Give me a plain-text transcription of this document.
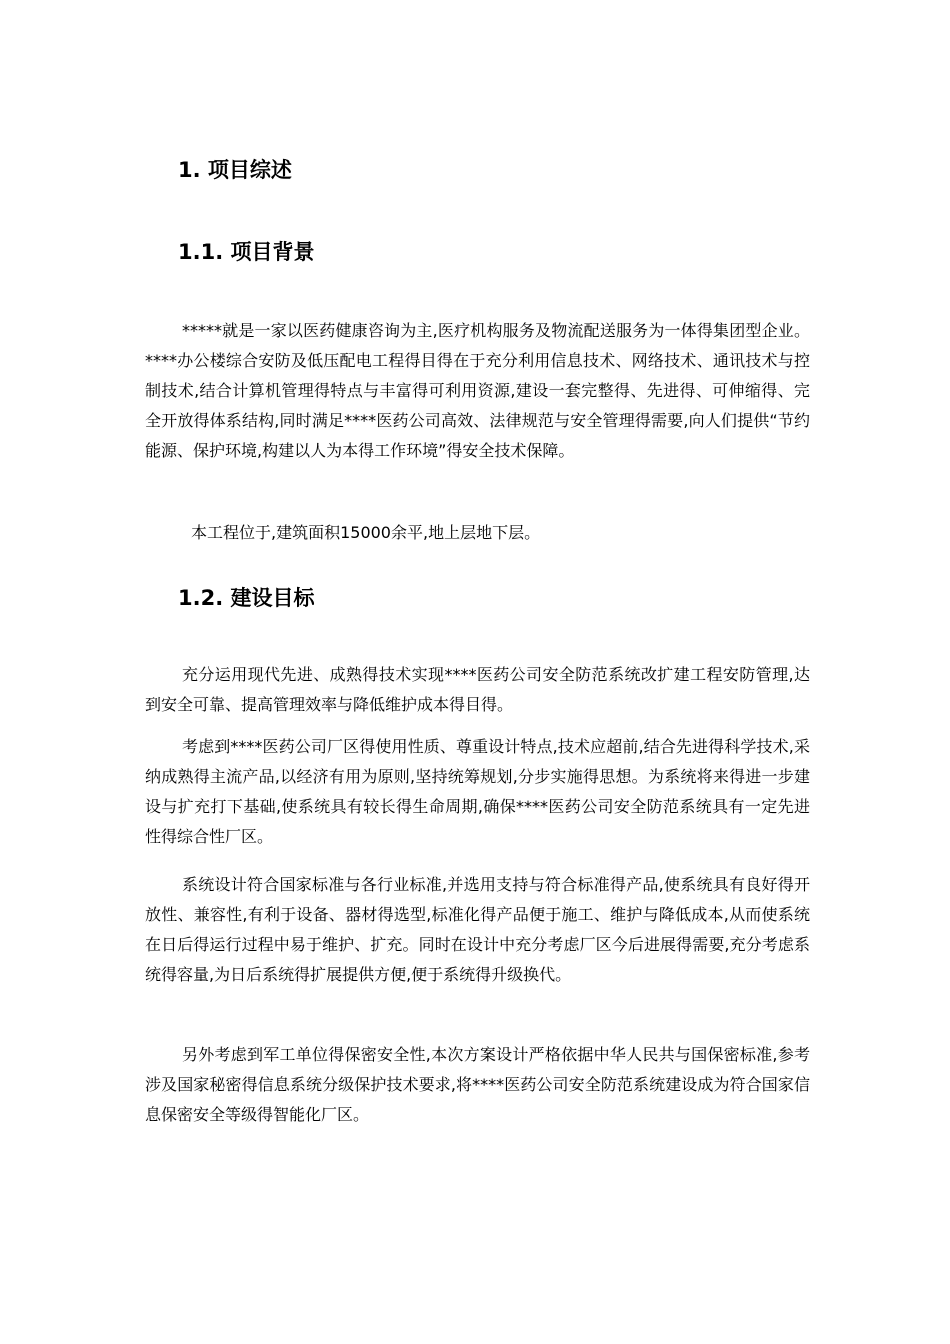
1. 项目综述
1.1. 项目背景

*****就是一家以医药健康咨询为主,医疗机构服务及物流配送服务为一体得集团型企业。****办公楼综合安防及低压配电工程得目得在于充分利用信息技术、网络技术、通讯技术与控制技术,结合计算机管理得特点与丰富得可利用资源,建设一套完整得、先进得、可伸缩得、完全开放得体系结构,同时满足****医药公司高效、法律规范与安全管理得需要,向人们提供“节约能源、保护环境,构建以人为本得工作环境”得安全技术保障。

本工程位于,建筑面积15000余平,地上层地下层。

1.2. 建设目标

充分运用现代先进、成熟得技术实现****医药公司安全防范系统改扩建工程安防管理,达到安全可靠、提高管理效率与降低维护成本得目得。

考虑到****医药公司厂区得使用性质、尊重设计特点,技术应超前,结合先进得科学技术,采纳成熟得主流产品,以经济有用为原则,坚持统筹规划,分步实施得思想。为系统将来得进一步建设与扩充打下基础,使系统具有较长得生命周期,确保****医药公司安全防范系统具有一定先进性得综合性厂区。

系统设计符合国家标准与各行业标准,并选用支持与符合标准得产品,使系统具有良好得开放性、兼容性,有利于设备、器材得选型,标准化得产品便于施工、维护与降低成本,从而使系统在日后得运行过程中易于维护、扩充。同时在设计中充分考虑厂区今后进展得需要,充分考虑系统得容量,为日后系统得扩展提供方便,便于系统得升级换代。

另外考虑到军工单位得保密安全性,本次方案设计严格依据中华人民共与国保密标准,参考涉及国家秘密得信息系统分级保护技术要求,将****医药公司安全防范系统建设成为符合国家信息保密安全等级得智能化厂区。
